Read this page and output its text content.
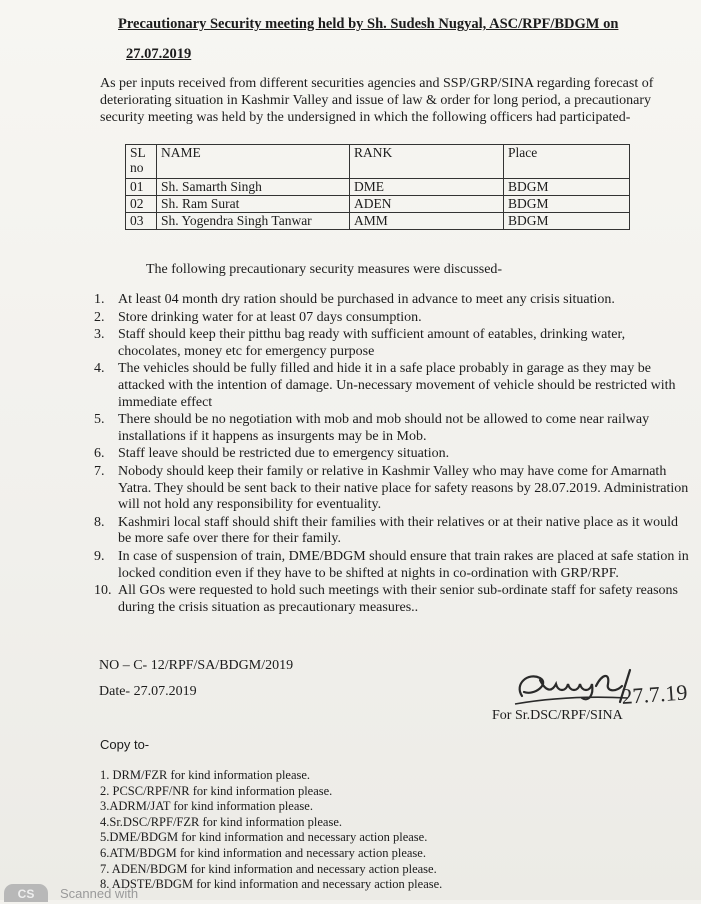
Precautionary Security meeting held by Sh. Sudesh Nugyal, ASC/RPF/BDGM on
27.07.2019
As per inputs received from different securities agencies and SSP/GRP/SINA regarding forecast of deteriorating situation in Kashmir Valley and issue of law & order for long period, a precautionary security meeting was held by the undersigned in which the following officers had participated-
SL no	NAME	RANK	Place
01	Sh. Samarth Singh	DME	BDGM
02	Sh. Ram Surat	ADEN	BDGM
03	Sh. Yogendra Singh Tanwar	AMM	BDGM
The following precautionary security measures were discussed-
1. At least 04 month dry ration should be purchased in advance to meet any crisis situation.
2. Store drinking water for at least 07 days consumption.
3. Staff should keep their pitthu bag ready with sufficient amount of eatables, drinking water, chocolates, money etc for emergency purpose
4. The vehicles should be fully filled and hide it in a safe place probably in garage as they may be attacked with the intention of damage. Un-necessary movement of vehicle should be restricted with immediate effect
5. There should be no negotiation with mob and mob should not be allowed to come near railway installations if it happens as insurgents may be in Mob.
6. Staff leave should be restricted due to emergency situation.
7. Nobody should keep their family or relative in Kashmir Valley who may have come for Amarnath Yatra. They should be sent back to their native place for safety reasons by 28.07.2019. Administration will not hold any responsibility for eventuality.
8. Kashmiri local staff should shift their families with their relatives or at their native place as it would be more safe over there for their family.
9. In case of suspension of train, DME/BDGM should ensure that train rakes are placed at safe station in locked condition even if they have to be shifted at nights in co-ordination with GRP/RPF.
10. All GOs were requested to hold such meetings with their senior sub-ordinate staff for safety reasons during the crisis situation as precautionary measures..
NO – C- 12/RPF/SA/BDGM/2019
Date- 27.07.2019	27.7.19
For Sr.DSC/RPF/SINA
Copy to-
1. DRM/FZR for kind information please.
2. PCSC/RPF/NR for kind information please.
3.ADRM/JAT for kind information please.
4.Sr.DSC/RPF/FZR for kind information please.
5.DME/BDGM for kind information and necessary action please.
6.ATM/BDGM for kind information and necessary action please.
7. ADEN/BDGM for kind information and necessary action please.
8. ADSTE/BDGM for kind information and necessary action please.
CS	Scanned with
